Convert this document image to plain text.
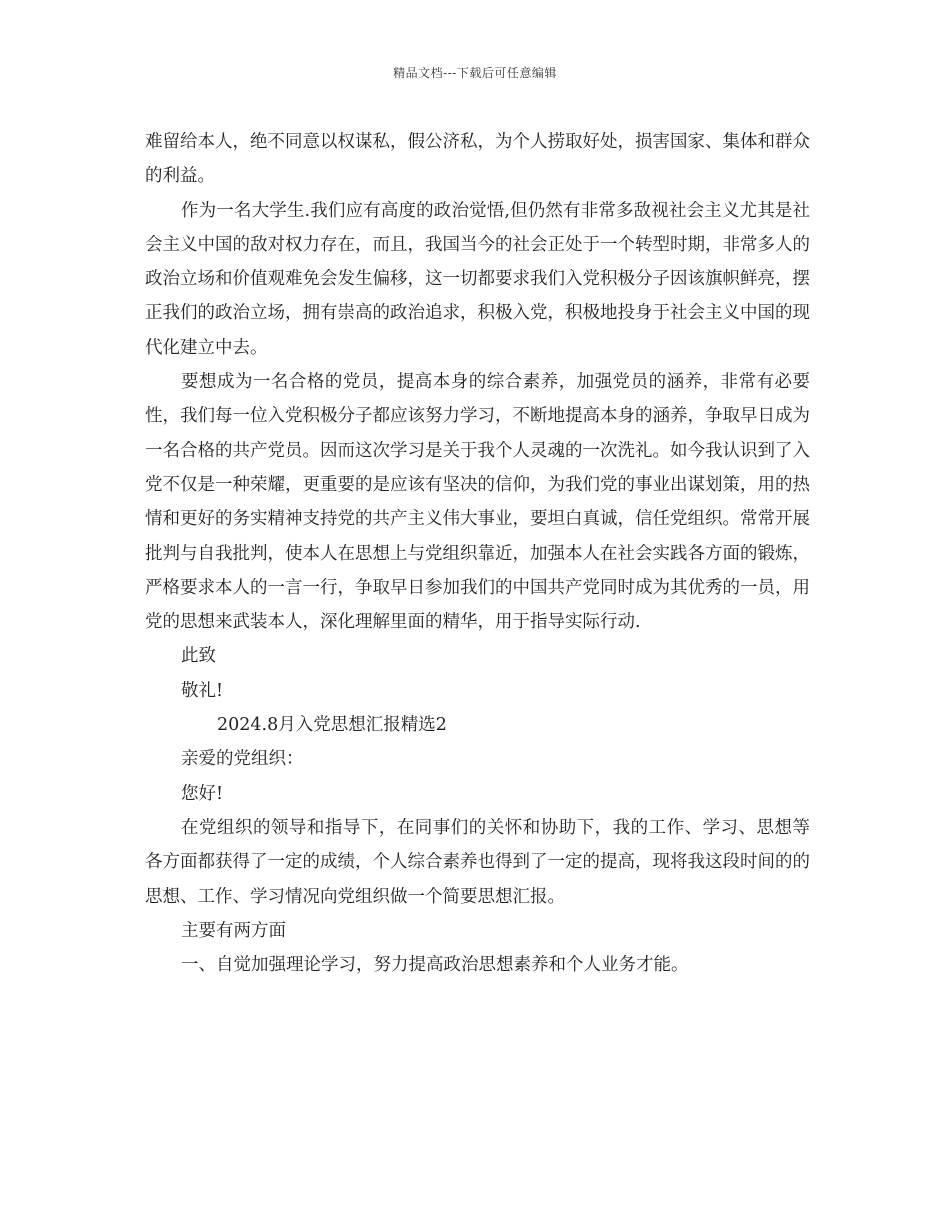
精品文档---下载后可任意编辑

难留给本人，绝不同意以权谋私，假公济私，为个人捞取好处，损害国家、集体和群众的利益。

作为一名大学生.我们应有高度的政治觉悟,但仍然有非常多敌视社会主义尤其是社会主义中国的敌对权力存在，而且，我国当今的社会正处于一个转型时期，非常多人的政治立场和价值观难免会发生偏移，这一切都要求我们入党积极分子因该旗帜鲜亮，摆正我们的政治立场，拥有崇高的政治追求，积极入党，积极地投身于社会主义中国的现代化建立中去。

要想成为一名合格的党员，提高本身的综合素养，加强党员的涵养，非常有必要性，我们每一位入党积极分子都应该努力学习，不断地提高本身的涵养，争取早日成为一名合格的共产党员。因而这次学习是关于我个人灵魂的一次洗礼。如今我认识到了入党不仅是一种荣耀，更重要的是应该有坚决的信仰，为我们党的事业出谋划策，用的热情和更好的务实精神支持党的共产主义伟大事业，要坦白真诚，信任党组织。常常开展批判与自我批判，使本人在思想上与党组织靠近，加强本人在社会实践各方面的锻炼，严格要求本人的一言一行，争取早日参加我们的中国共产党同时成为其优秀的一员，用党的思想来武装本人，深化理解里面的精华，用于指导实际行动.

此致

敬礼!

2024.8月入党思想汇报精选2

亲爱的党组织：

您好!

在党组织的领导和指导下，在同事们的关怀和协助下，我的工作、学习、思想等各方面都获得了一定的成绩，个人综合素养也得到了一定的提高，现将我这段时间的的思想、工作、学习情况向党组织做一个简要思想汇报。

主要有两方面

一、自觉加强理论学习，努力提高政治思想素养和个人业务才能。
